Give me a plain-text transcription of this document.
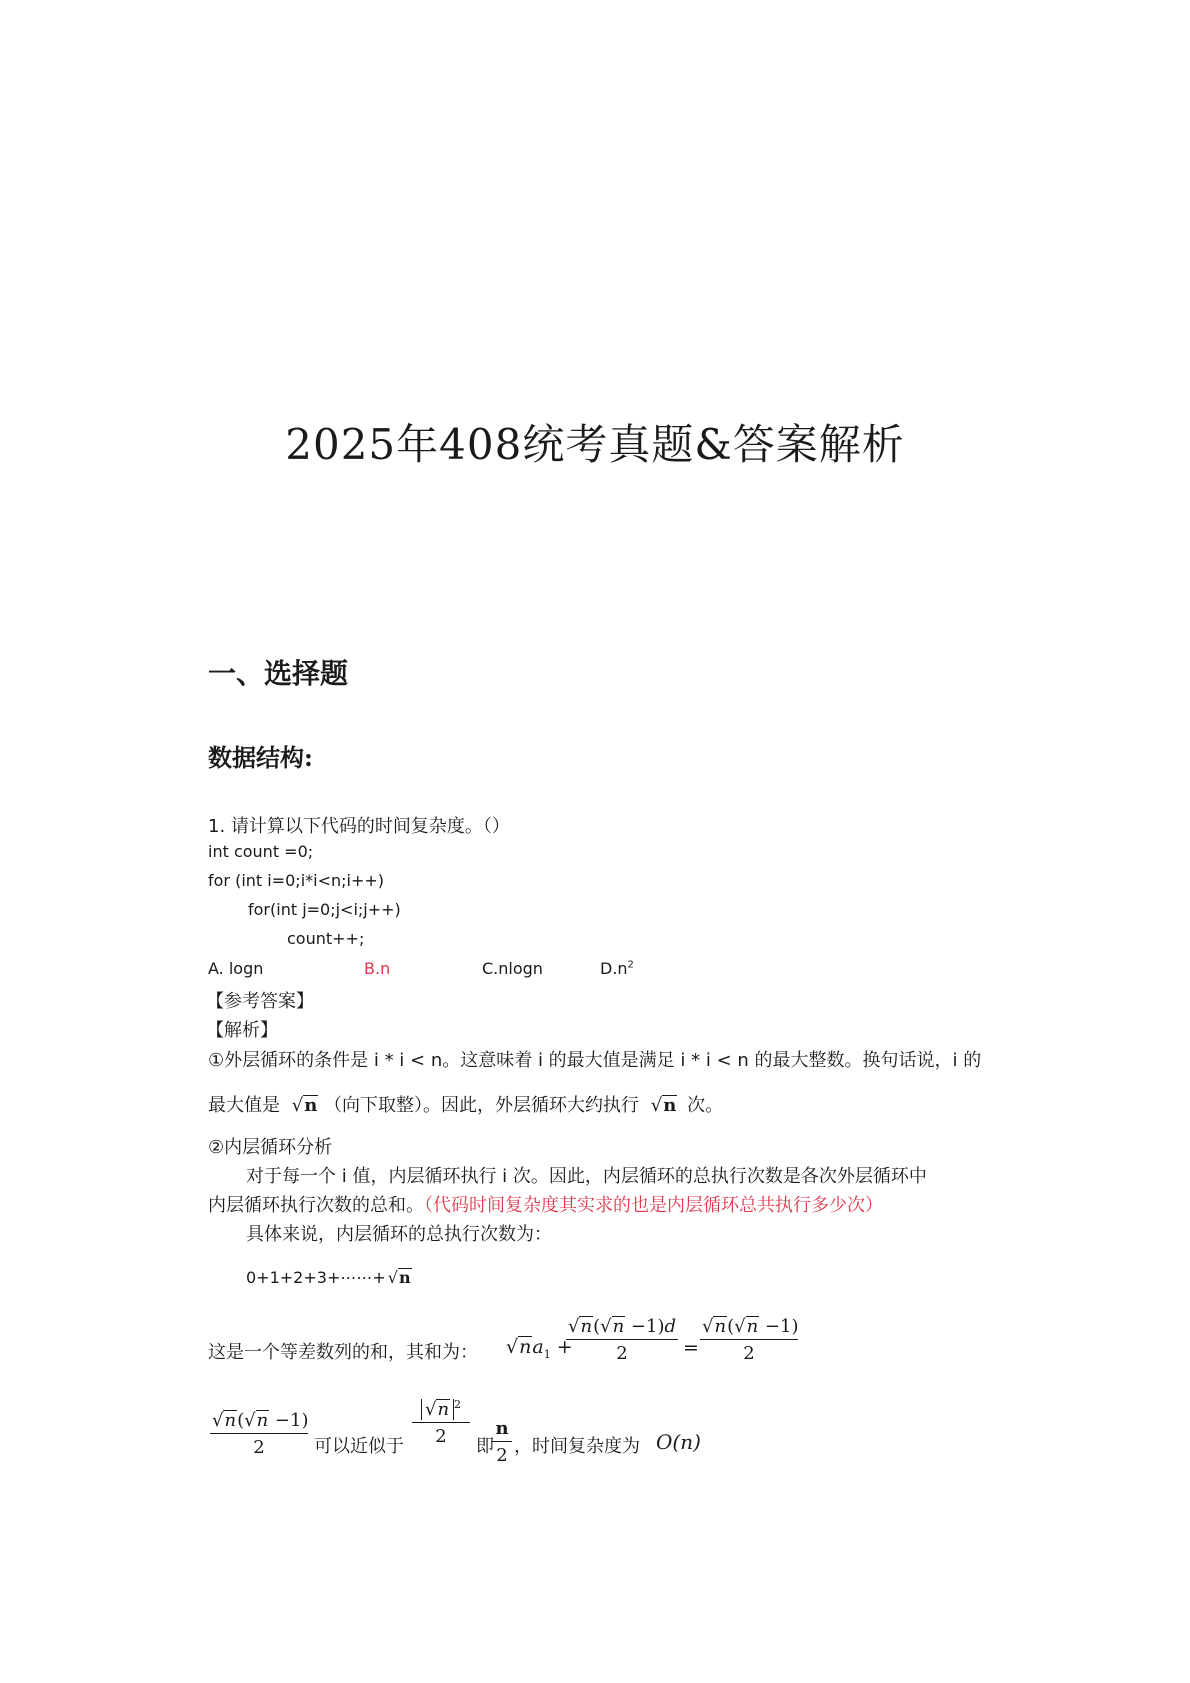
2025年408统考真题&答案解析
一、选择题
数据结构:
1. 请计算以下代码的时间复杂度。（）
int count =0;
for (int i=0;i*i<n;i++)
for(int j=0;j<i;j++)
count++;
A. logn	B.n	C.nlogn	$D.n^2$
【参考答案】
【解析】
①外层循环的条件是 i * i < n。这意味着 i 的最大值是满足 i * i < n 的最大整数。换句话说，i 的
最大值是 √n （向下取整）。因此，外层循环大约执行 √n 次。
②内层循环分析
对于每一个 i 值，内层循环执行 i 次。因此，内层循环的总执行次数是各次外层循环中
内层循环执行次数的总和。（代码时间复杂度其实求的也是内层循环总共执行多少次）
具体来说，内层循环的总执行次数为：
0+1+2+3+⋯⋯+ √n
这是一个等差数列的和，其和为： $√na_1$ +
√n(√n −1)d
2	=
√n(√n −1)
2
√n(√n −1)
2	可以近似于
√n $^2$
2	即
n
2 ，时间复杂度为 O(n)
